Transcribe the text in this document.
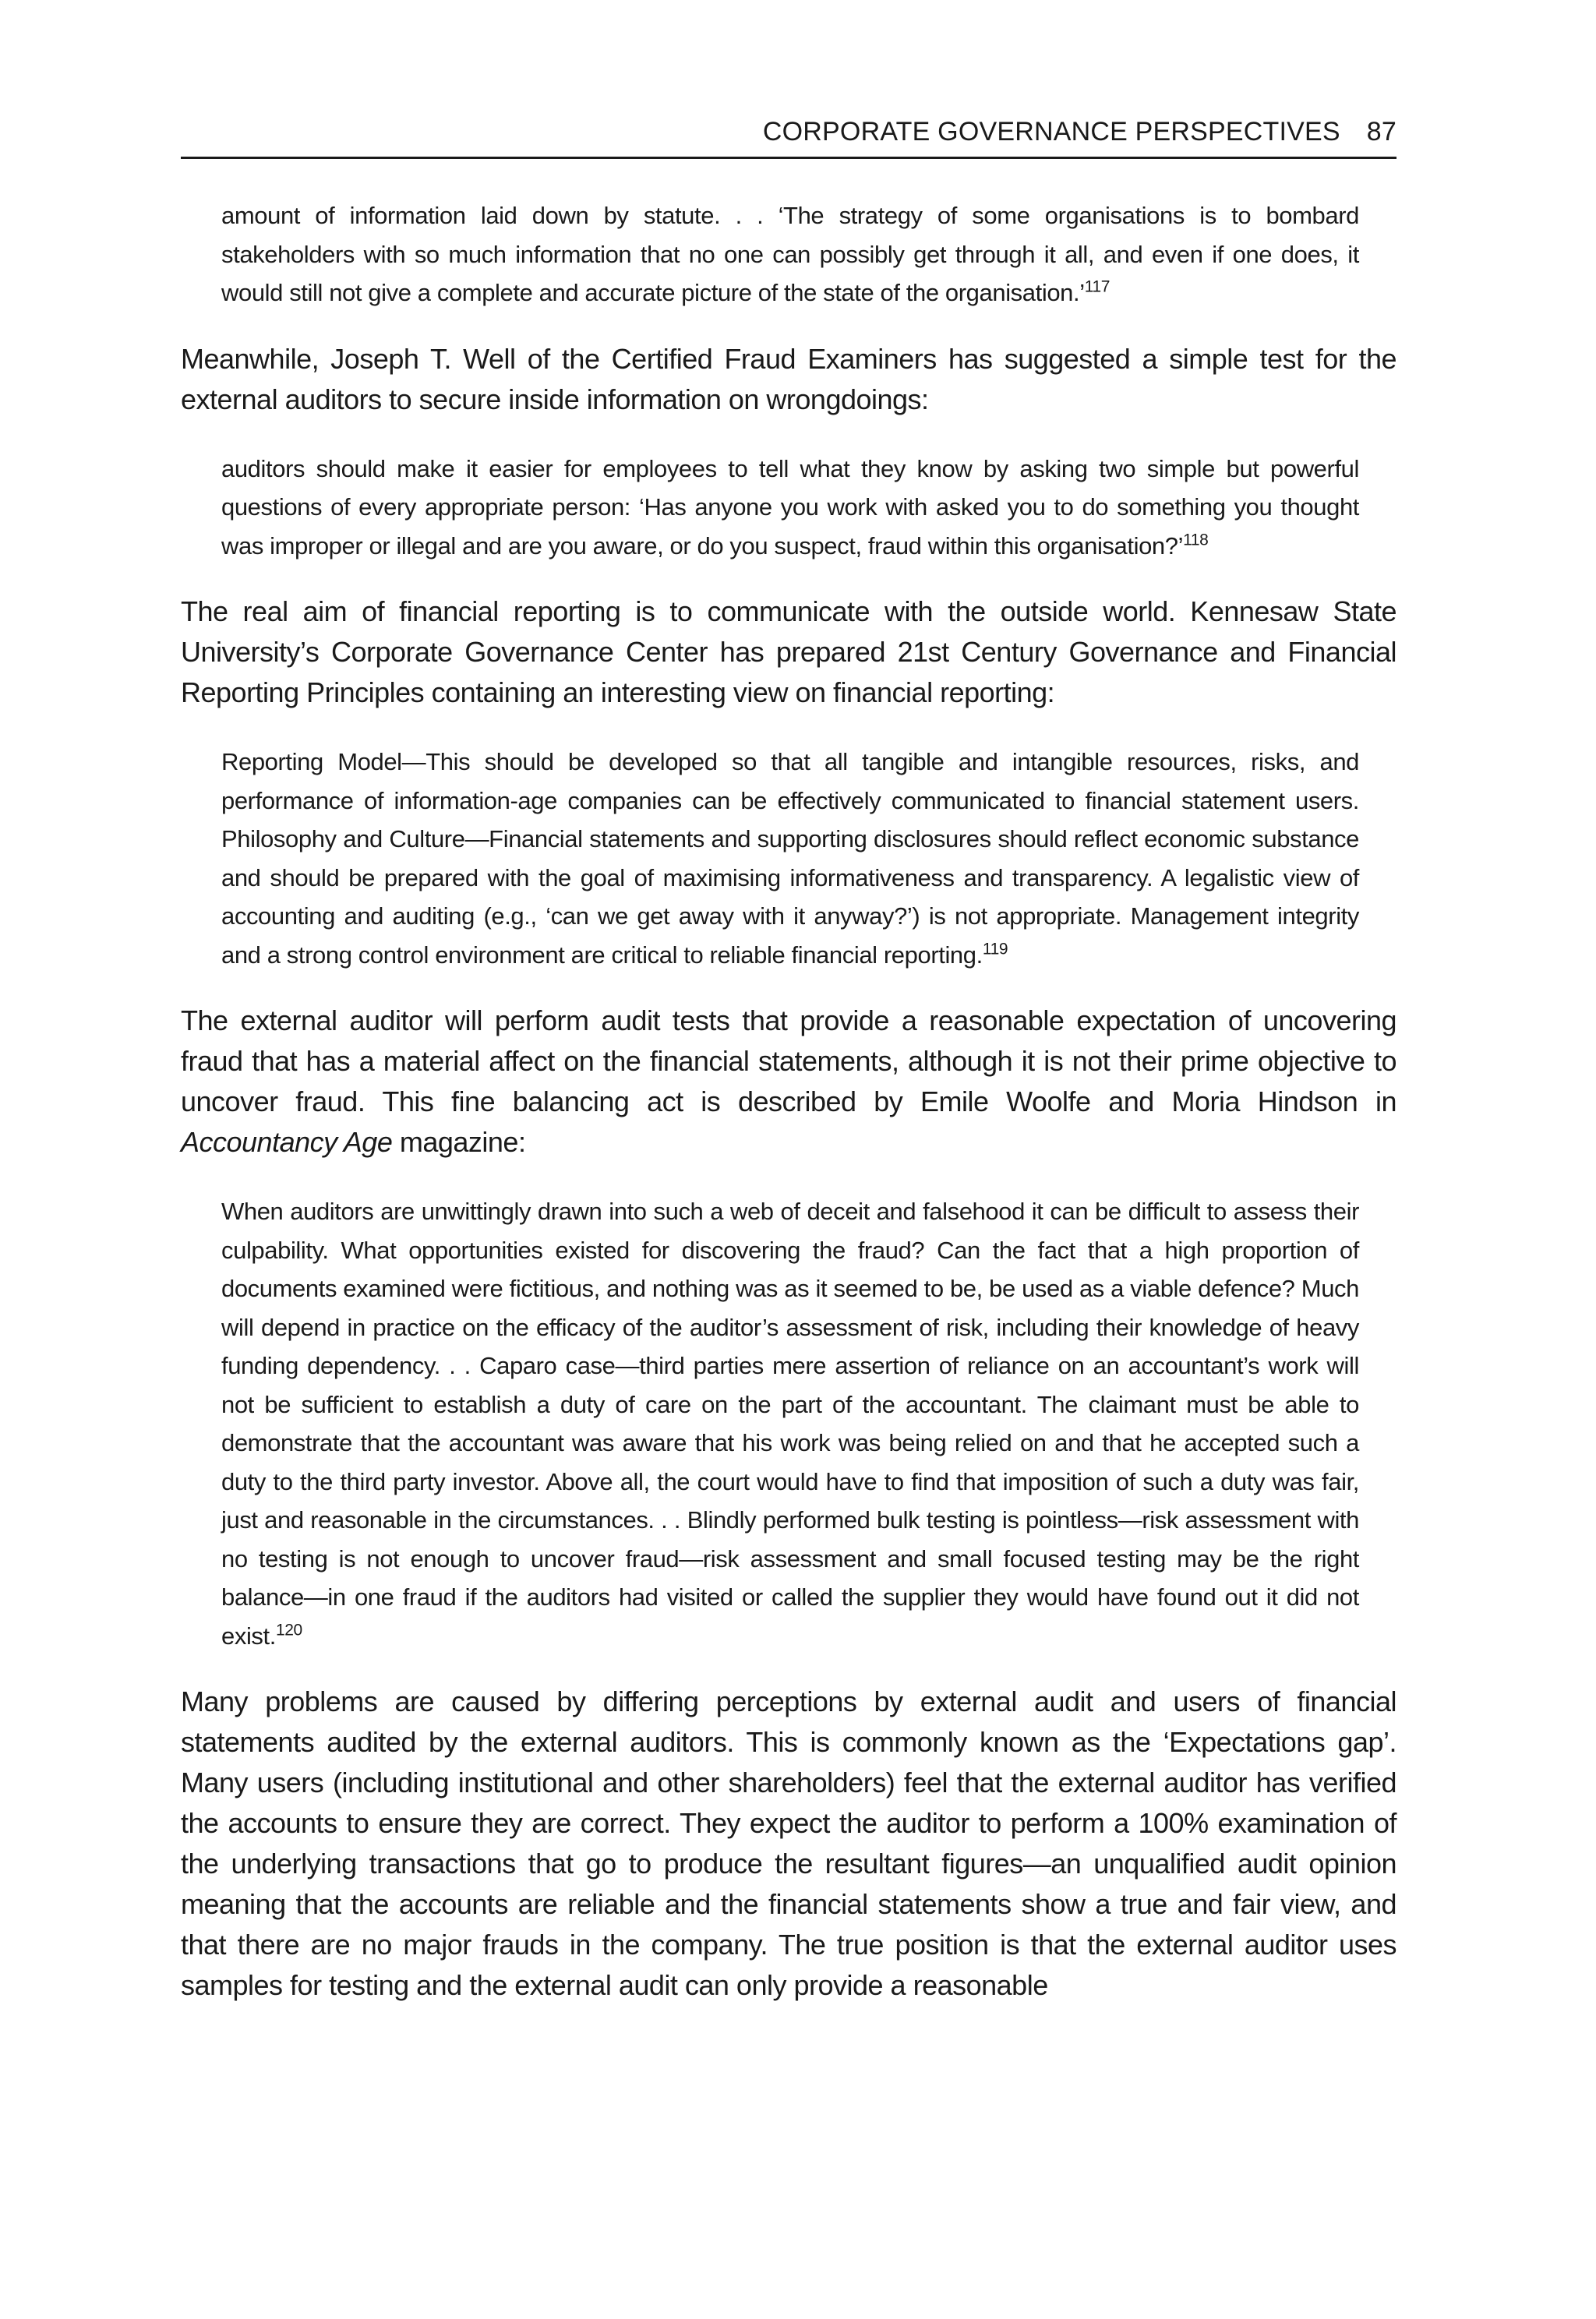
CORPORATE GOVERNANCE PERSPECTIVES 87
amount of information laid down by statute. . . ‘The strategy of some organisations is to bombard stakeholders with so much information that no one can possibly get through it all, and even if one does, it would still not give a complete and accurate picture of the state of the organisation.’$^{117}$

Meanwhile, Joseph T. Well of the Certified Fraud Examiners has suggested a simple test for the external auditors to secure inside information on wrongdoings:

auditors should make it easier for employees to tell what they know by asking two simple but powerful questions of every appropriate person: ‘Has anyone you work with asked you to do something you thought was improper or illegal and are you aware, or do you suspect, fraud within this organisation?’$^{118}$

The real aim of financial reporting is to communicate with the outside world. Kennesaw State University’s Corporate Governance Center has prepared 21st Century Governance and Financial Reporting Principles containing an interesting view on financial reporting:

Reporting Model—This should be developed so that all tangible and intangible resources, risks, and performance of information-age companies can be effectively communicated to financial statement users. Philosophy and Culture—Financial statements and supporting disclosures should reflect economic substance and should be prepared with the goal of maximising informativeness and transparency. A legalistic view of accounting and auditing (e.g., ‘can we get away with it anyway?’) is not appropriate. Management integrity and a strong control environment are critical to reliable financial reporting.$^{119}$

The external auditor will perform audit tests that provide a reasonable expectation of uncovering fraud that has a material affect on the financial statements, although it is not their prime objective to uncover fraud. This fine balancing act is described by Emile Woolfe and Moria Hindson in Accountancy Age magazine:

When auditors are unwittingly drawn into such a web of deceit and falsehood it can be difficult to assess their culpability. What opportunities existed for discovering the fraud? Can the fact that a high proportion of documents examined were fictitious, and nothing was as it seemed to be, be used as a viable defence? Much will depend in practice on the efficacy of the auditor’s assessment of risk, including their knowledge of heavy funding dependency. . . Caparo case—third parties mere assertion of reliance on an accountant’s work will not be sufficient to establish a duty of care on the part of the accountant. The claimant must be able to demonstrate that the accountant was aware that his work was being relied on and that he accepted such a duty to the third party investor. Above all, the court would have to find that imposition of such a duty was fair, just and reasonable in the circumstances. . . Blindly performed bulk testing is pointless—risk assessment with no testing is not enough to uncover fraud—risk assessment and small focused testing may be the right balance—in one fraud if the auditors had visited or called the supplier they would have found out it did not exist.$^{120}$

Many problems are caused by differing perceptions by external audit and users of financial statements audited by the external auditors. This is commonly known as the ‘Expectations gap’. Many users (including institutional and other shareholders) feel that the external auditor has verified the accounts to ensure they are correct. They expect the auditor to perform a 100% examination of the underlying transactions that go to produce the resultant figures—an unqualified audit opinion meaning that the accounts are reliable and the financial statements show a true and fair view, and that there are no major frauds in the company. The true position is that the external auditor uses samples for testing and the external audit can only provide a reasonable
